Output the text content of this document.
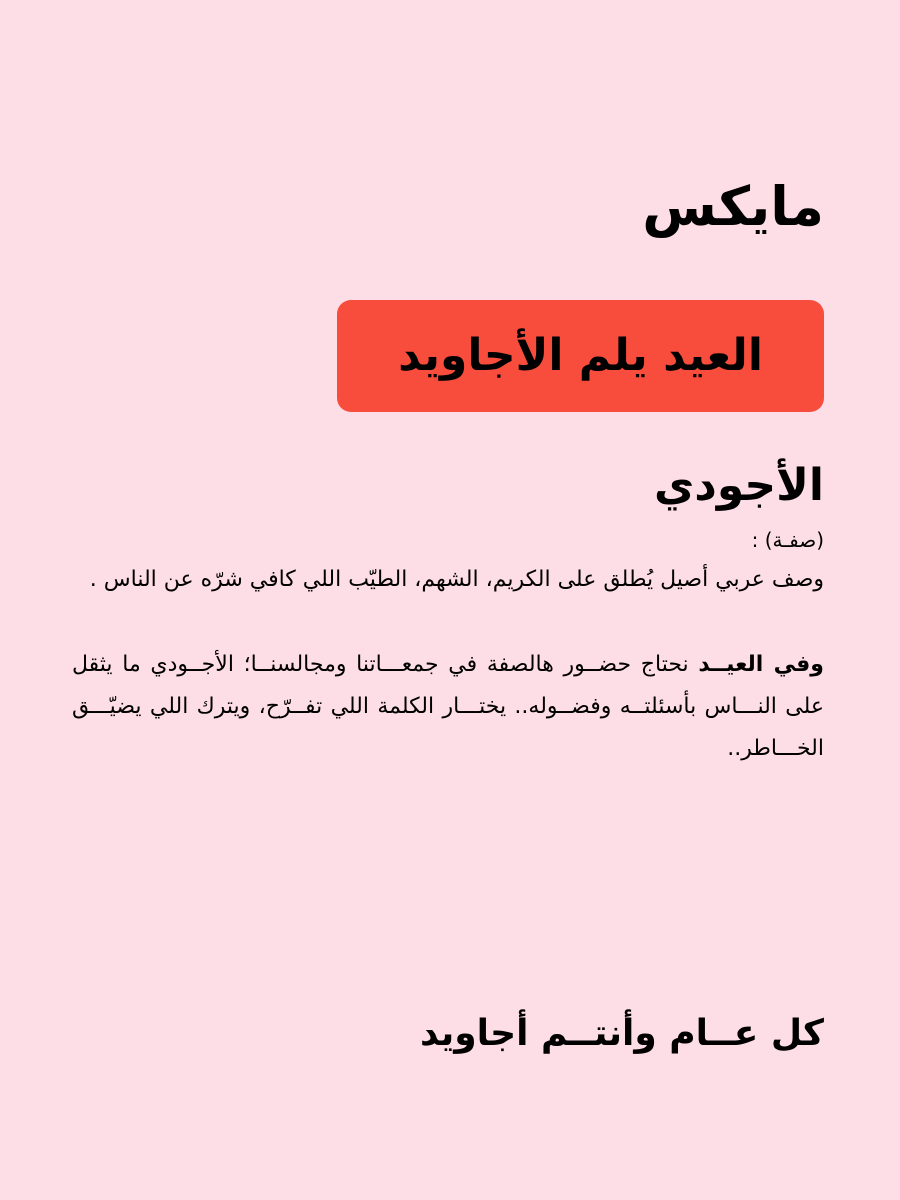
مايكس
العيد يلم الأجاويد
الأجودي
(صفـة) :

وصف عربي أصيل يُطلق على الكريم، الشهم، الطيّب اللي كافي شرّه عن الناس .

وفي العيــد نحتاج حضــور هالصفة في جمعـــاتنا ومجالسنــا؛ الأجــودي ما يثقل على النـــاس بأسئلتــه وفضــوله.. يختـــار الكلمة اللي تفــرّح، ويترك اللي يضيّـــق الخـــاطر..

كل عــام وأنتــم أجاويد
